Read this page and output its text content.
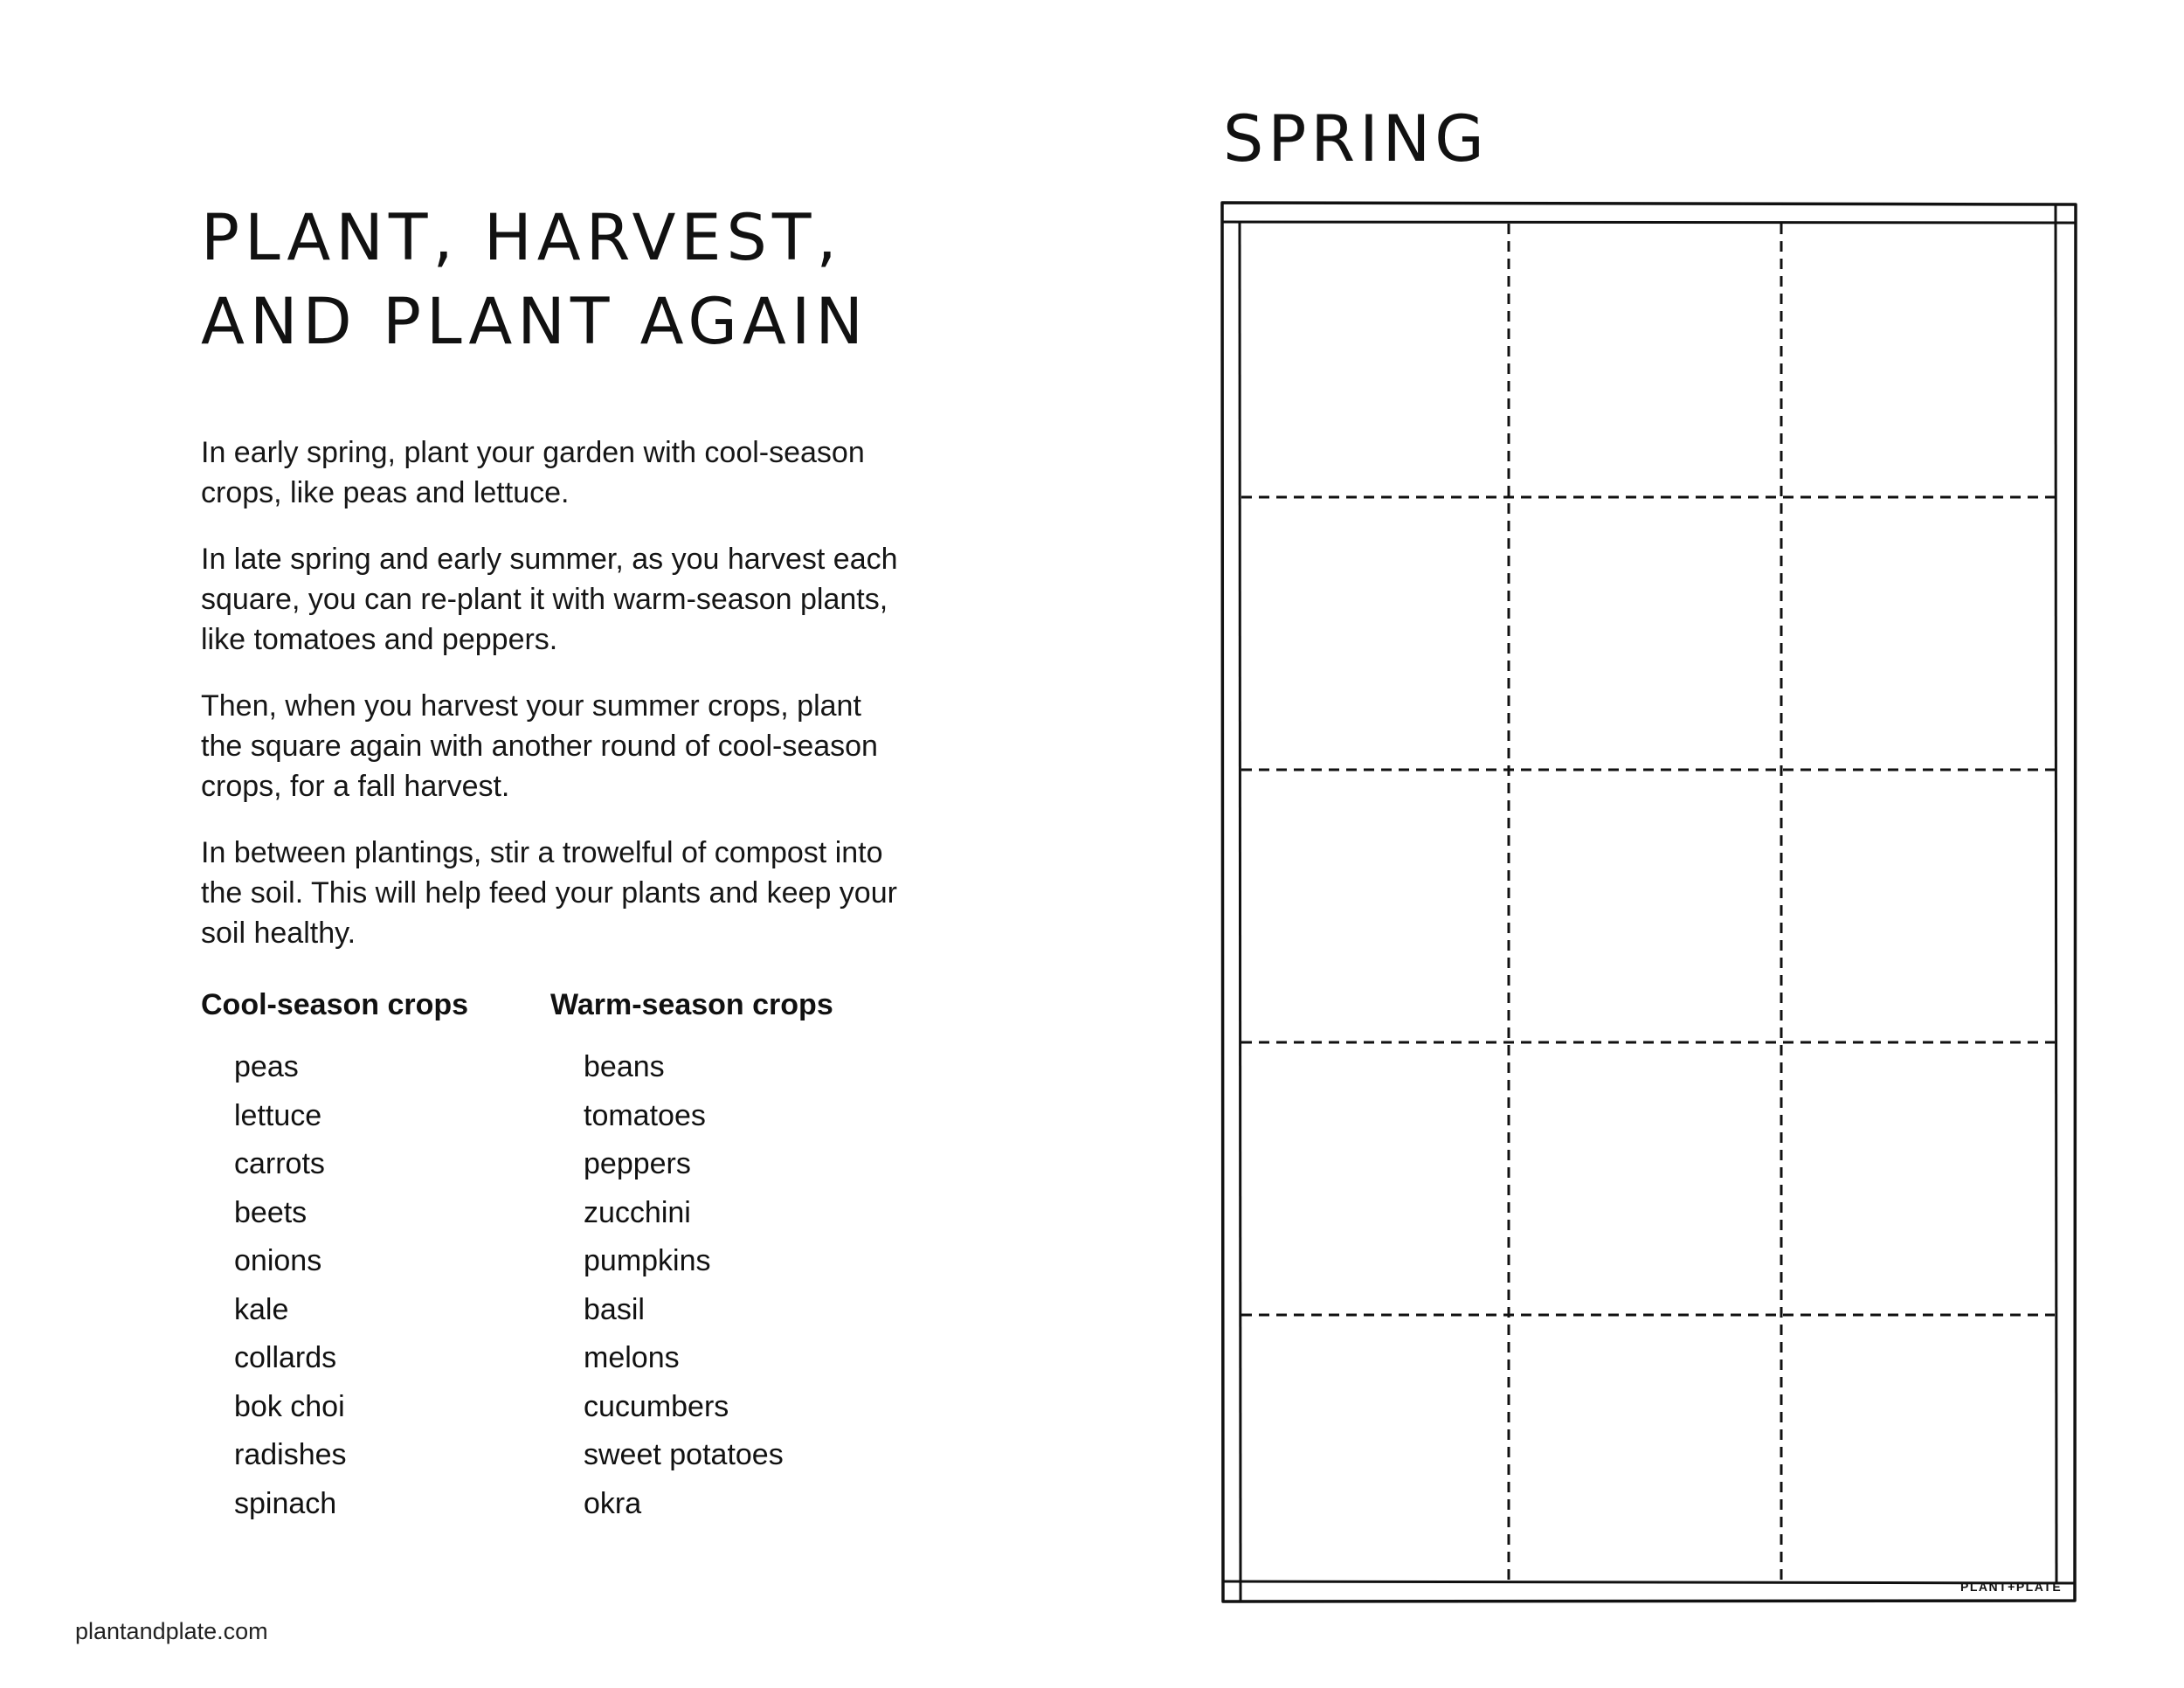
PLANT, HARVEST,
AND PLANT AGAIN

In early spring, plant your garden with cool-season crops, like peas and lettuce.

In late spring and early summer, as you harvest each square, you can re-plant it with warm-season plants, like tomatoes and peppers.

Then, when you harvest your summer crops, plant the square again with another round of cool-season crops, for a fall harvest.

In between plantings, stir a trowelful of compost into the soil. This will help feed your plants and keep your soil healthy.

Cool-season crops
peas
lettuce
carrots
beets
onions
kale
collards
bok choi
radishes
spinach
Warm-season crops
beans
tomatoes
peppers
zucchini
pumpkins
basil
melons
cucumbers
sweet potatoes
okra
plantandplate.com
SPRING
PLANT+PLATE
